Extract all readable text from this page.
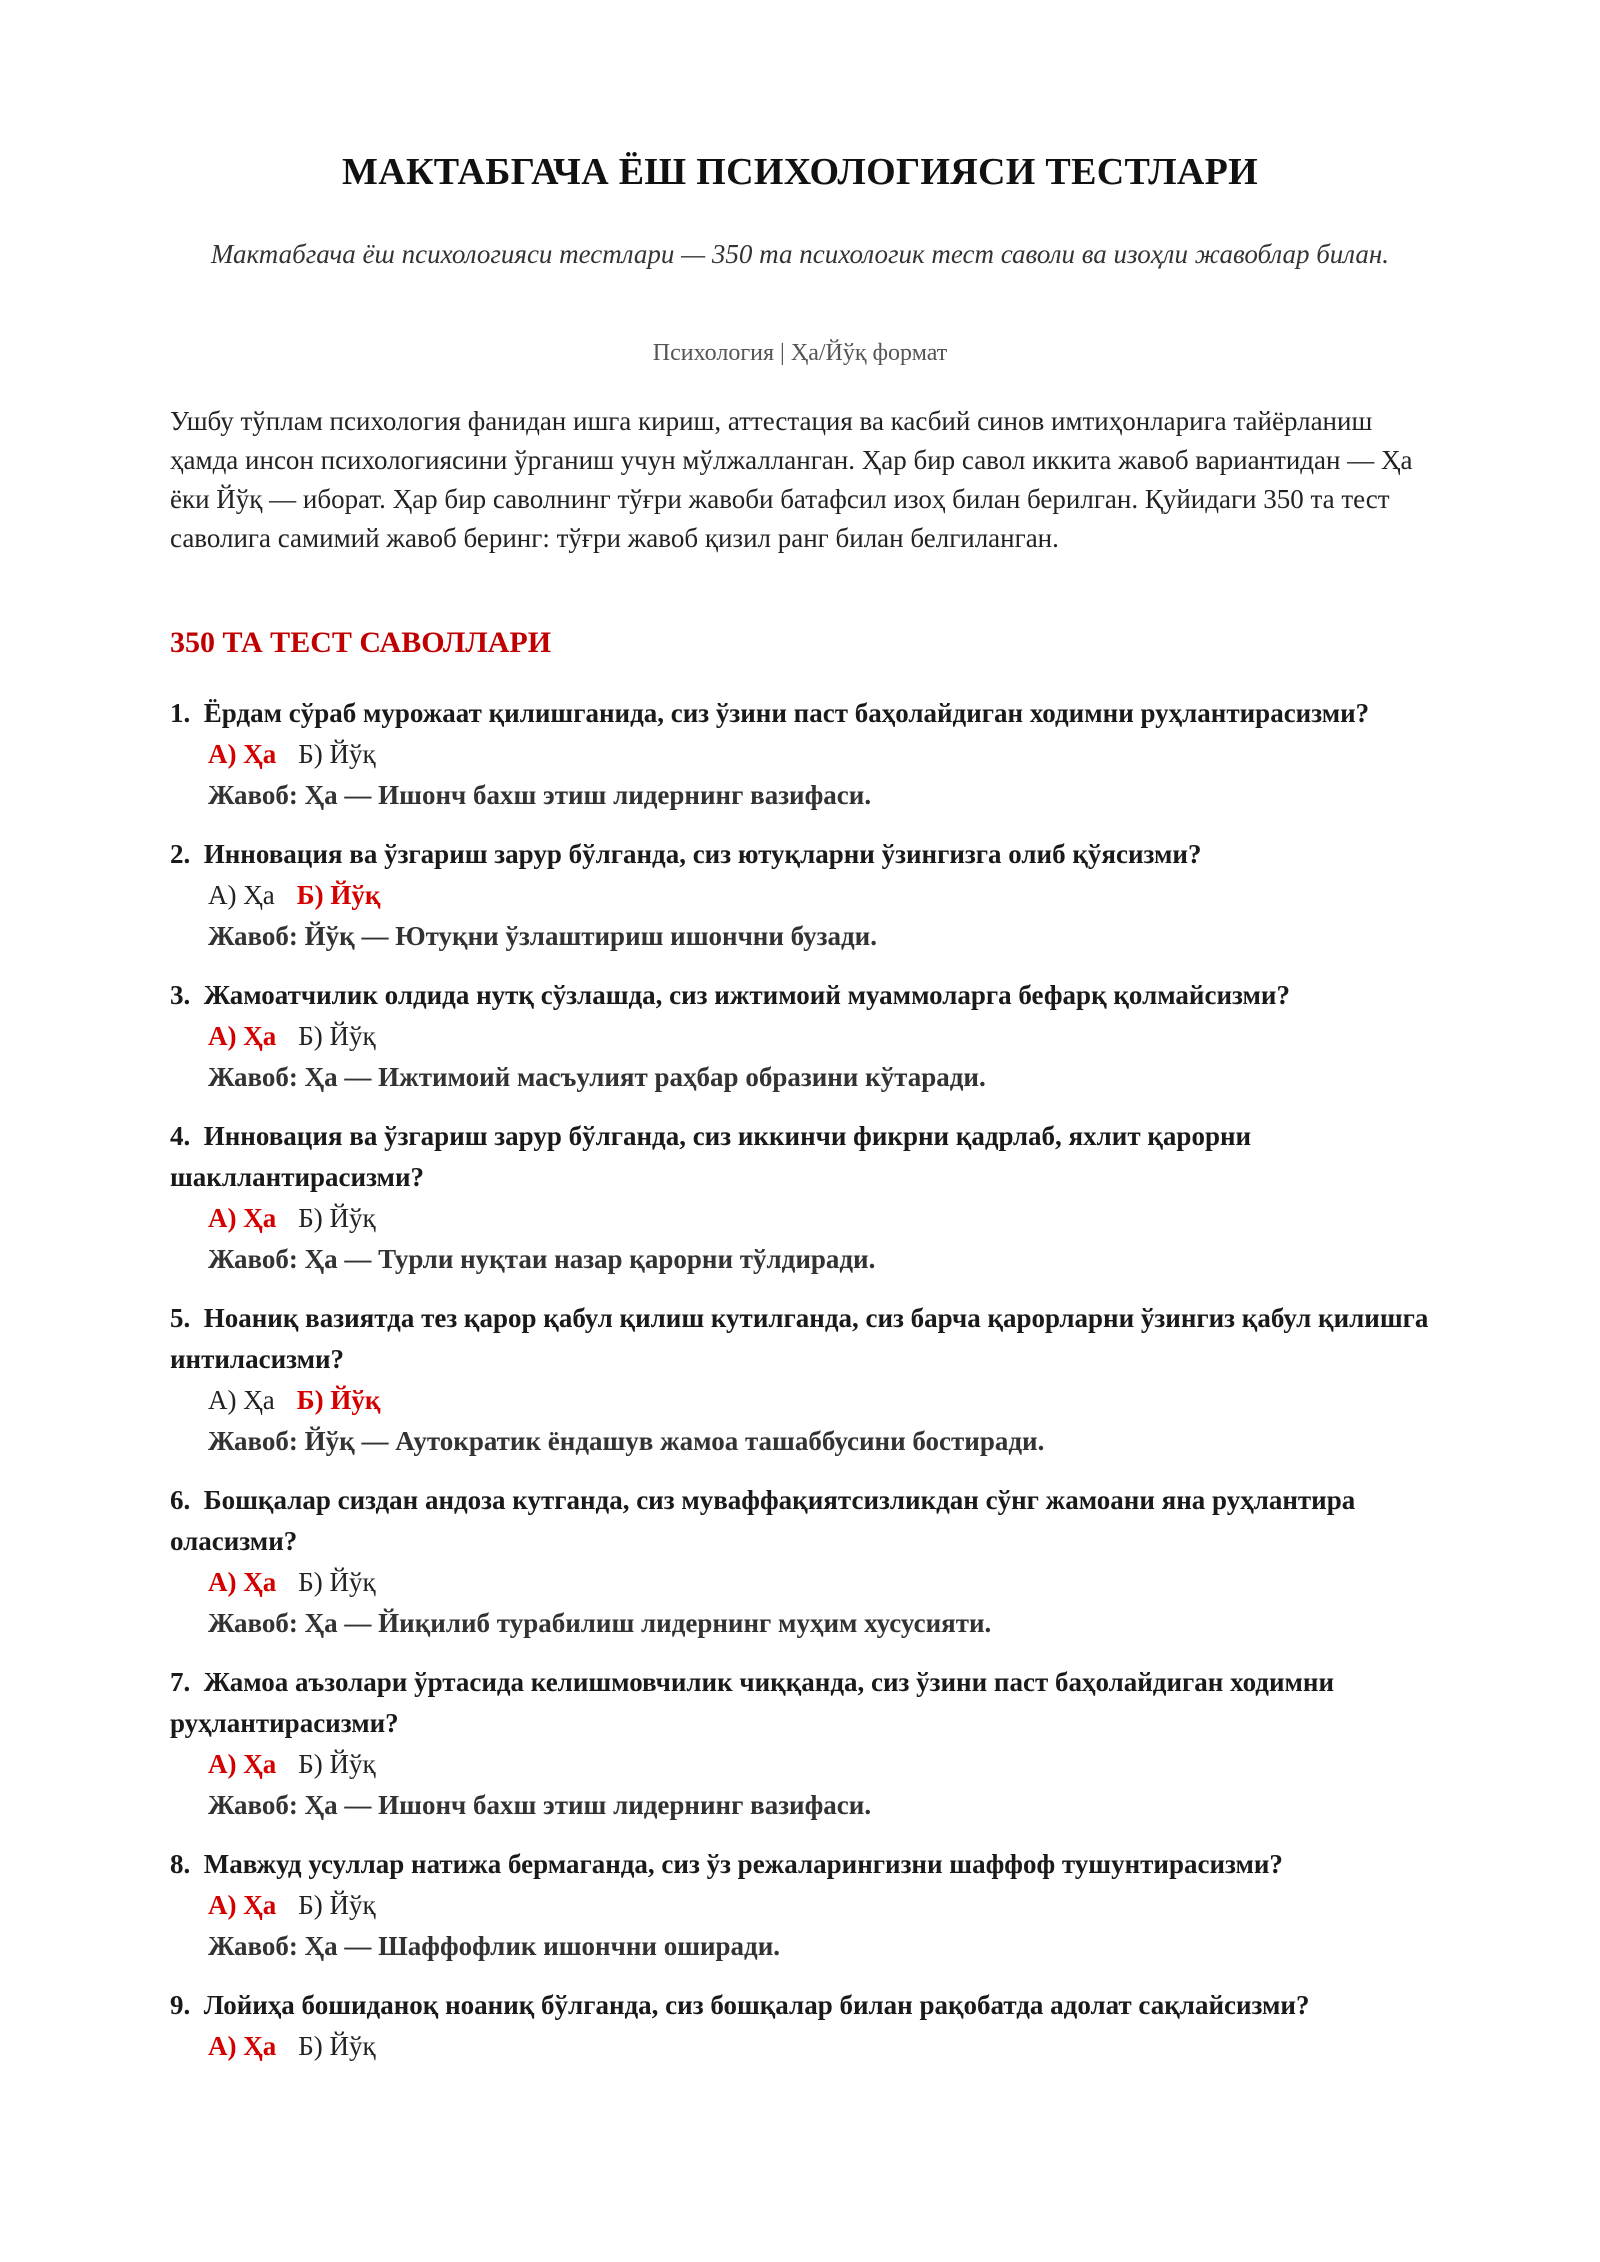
МАКТАБГАЧА ЁШ ПСИХОЛОГИЯСИ ТЕСТЛАРИ
Мактабгача ёш психологияси тестлари — 350 та психологик тест саволи ва изоҳли жавоблар билан.
Психология | Ҳа/Йўқ формат
Ушбу тўплам психология фанидан ишга кириш, аттестация ва касбий синов имтиҳонларига тайёрланиш ҳамда инсон психологиясини ўрганиш учун мўлжалланган. Ҳар бир савол иккита жавоб вариантидан — Ҳа ёки Йўқ — иборат. Ҳар бир саволнинг тўғри жавоби батафсил изоҳ билан берилган. Қуйидаги 350 та тест саволига самимий жавоб беринг: тўғри жавоб қизил ранг билан белгиланган.
350 ТА ТЕСТ САВОЛЛАРИ
1. Ёрдам сўраб мурожаат қилишганида, сиз ўзини паст баҳолайдиган ходимни руҳлантирасизми?
А) Ҳа Б) Йўқ
Жавоб: Ҳа — Ишонч бахш этиш лидернинг вазифаси.
2. Инновация ва ўзгариш зарур бўлганда, сиз ютуқларни ўзингизга олиб қўясизми?
А) Ҳа Б) Йўқ
Жавоб: Йўқ — Ютуқни ўзлаштириш ишончни бузади.
3. Жамоатчилик олдида нутқ сўзлашда, сиз ижтимоий муаммоларга бефарқ қолмайсизми?
А) Ҳа Б) Йўқ
Жавоб: Ҳа — Ижтимоий масъулият раҳбар образини кўтаради.
4. Инновация ва ўзгариш зарур бўлганда, сиз иккинчи фикрни қадрлаб, яхлит қарорни шакллантирасизми?
А) Ҳа Б) Йўқ
Жавоб: Ҳа — Турли нуқтаи назар қарорни тўлдиради.
5. Ноаниқ вазиятда тез қарор қабул қилиш кутилганда, сиз барча қарорларни ўзингиз қабул қилишга интиласизми?
А) Ҳа Б) Йўқ
Жавоб: Йўқ — Аутократик ёндашув жамоа ташаббусини бостиради.
6. Бошқалар сиздан андоза кутганда, сиз муваффақиятсизликдан сўнг жамоани яна руҳлантира оласизми?
А) Ҳа Б) Йўқ
Жавоб: Ҳа — Йиқилиб турабилиш лидернинг муҳим хусусияти.
7. Жамоа аъзолари ўртасида келишмовчилик чиққанда, сиз ўзини паст баҳолайдиган ходимни руҳлантирасизми?
А) Ҳа Б) Йўқ
Жавоб: Ҳа — Ишонч бахш этиш лидернинг вазифаси.
8. Мавжуд усуллар натижа бермаганда, сиз ўз режаларингизни шаффоф тушунтирасизми?
А) Ҳа Б) Йўқ
Жавоб: Ҳа — Шаффофлик ишончни оширади.
9. Лойиҳа бошиданоқ ноаниқ бўлганда, сиз бошқалар билан рақобатда адолат сақлайсизми?
А) Ҳа Б) Йўқ
